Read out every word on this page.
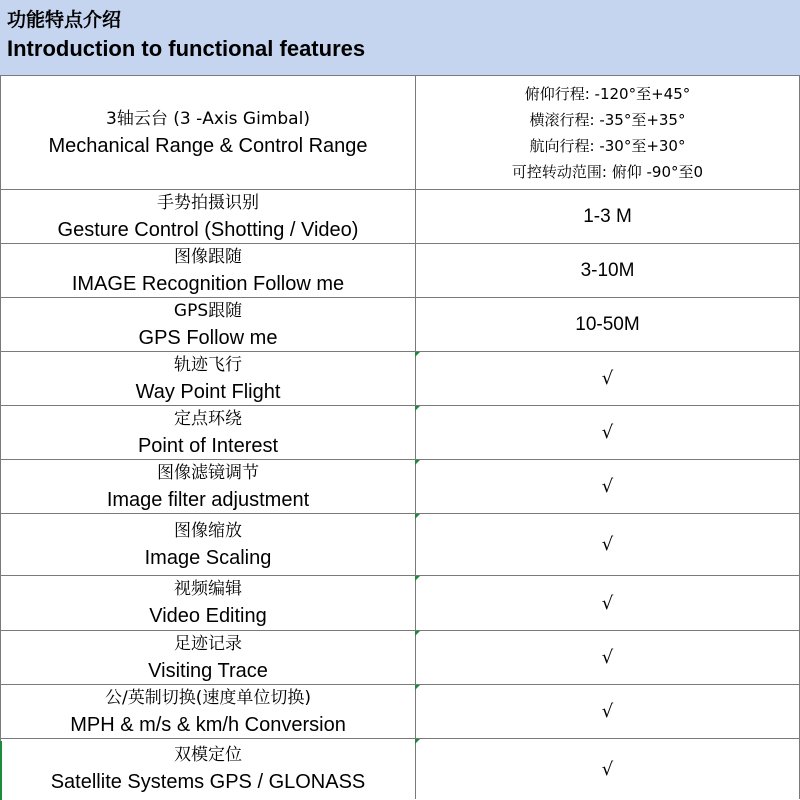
功能特点介绍
Introduction to functional features
3轴云台 (3 -Axis Gimbal)
Mechanical Range & Control Range
俯仰行程: -120°至+45°
横滚行程: -35°至+35°
航向行程: -30°至+30°
可控转动范围: 俯仰 -90°至0
手势拍摄识别
Gesture Control (Shotting / Video)
1-3 M
图像跟随
IMAGE Recognition Follow me
3-10M
GPS跟随
GPS Follow me
10-50M
轨迹飞行
Way Point Flight
√
定点环绕
Point of Interest
√
图像滤镜调节
Image filter adjustment
√
图像缩放
Image Scaling
√
视频编辑
Video Editing
√
足迹记录
Visiting Trace
√
公/英制切换(速度单位切换)
MPH & m/s & km/h Conversion
√
双模定位
Satellite Systems GPS / GLONASS
√
